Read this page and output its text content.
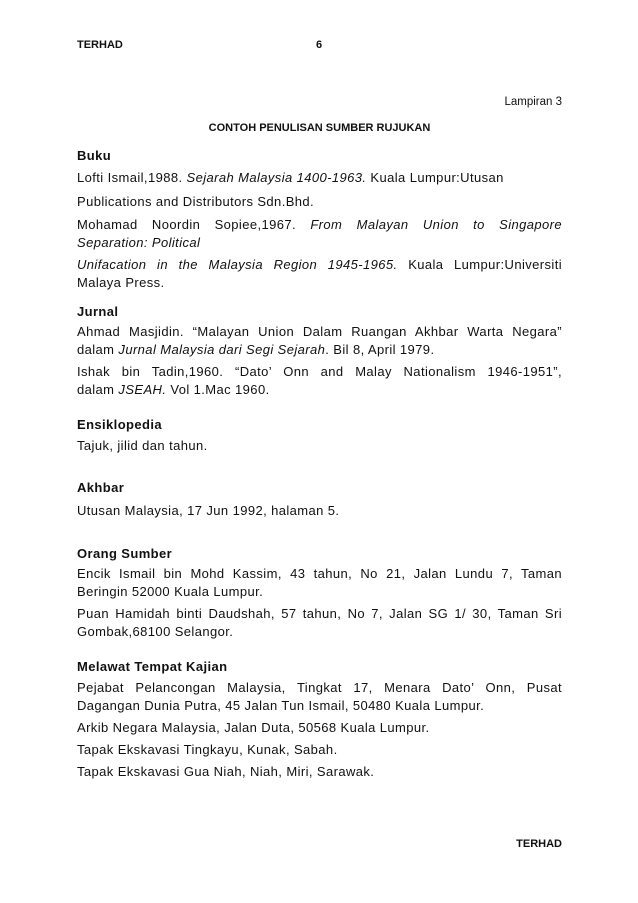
TERHAD	6
Lampiran 3
CONTOH PENULISAN SUMBER RUJUKAN
Buku
Lofti Ismail,1988. Sejarah Malaysia 1400-1963. Kuala Lumpur:Utusan
Publications and Distributors Sdn.Bhd.
Mohamad Noordin Sopiee,1967. From Malayan Union to Singapore
Separation: Political
Unifacation in the Malaysia Region 1945-1965. Kuala Lumpur:Universiti
Malaya Press.
Jurnal
Ahmad Masjidin. “Malayan Union Dalam Ruangan Akhbar Warta Negara”
dalam Jurnal Malaysia dari Segi Sejarah. Bil 8, April 1979.
Ishak bin Tadin,1960. “Dato’ Onn and Malay Nationalism 1946-1951”,
dalam JSEAH. Vol 1.Mac 1960.
Ensiklopedia
Tajuk, jilid dan tahun.
Akhbar
Utusan Malaysia, 17 Jun 1992, halaman 5.
Orang Sumber
Encik Ismail bin Mohd Kassim, 43 tahun, No 21, Jalan Lundu 7, Taman
Beringin 52000 Kuala Lumpur.
Puan Hamidah binti Daudshah, 57 tahun, No 7, Jalan SG 1/ 30, Taman Sri
Gombak,68100 Selangor.
Melawat Tempat Kajian
Pejabat Pelancongan Malaysia, Tingkat 17, Menara Dato’ Onn, Pusat
Dagangan Dunia Putra, 45 Jalan Tun Ismail, 50480 Kuala Lumpur.
Arkib Negara Malaysia, Jalan Duta, 50568 Kuala Lumpur.
Tapak Ekskavasi Tingkayu, Kunak, Sabah.
Tapak Ekskavasi Gua Niah, Niah, Miri, Sarawak.
TERHAD
